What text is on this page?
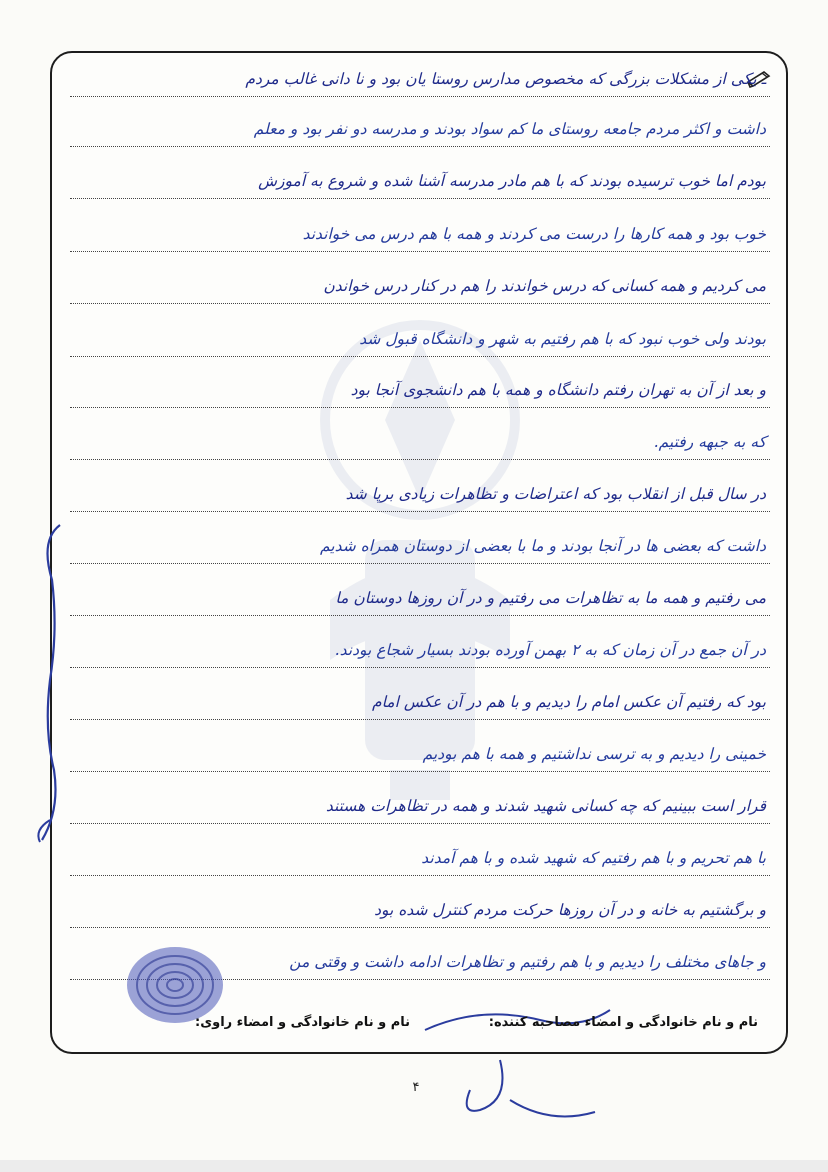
ـ یکی از مشکلات بزرگی که مخصوص مدارس روستا یان بود و نا دانی غالب مردم
داشت و اکثر مردم جامعه روستای ما کم سواد بودند و مدرسه دو نفر بود و معلم
بودم اما خوب ترسیده بودند که با هم مادر مدرسه آشنا شده و شروع به آموزش
خوب بود و همه کارها را درست می کردند و همه با هم درس می خواندند
می کردیم و همه کسانی که درس خواندند را هم در کنار درس خواندن
بودند ولی خوب نبود که با هم رفتیم به شهر و دانشگاه قبول شد
و بعد از آن به تهران رفتم دانشگاه و همه با هم دانشجوی آنجا بود
که به جبهه رفتیم.
در سال قبل از انقلاب بود که اعتراضات و تظاهرات زیادی برپا شد
داشت که بعضی ها در آنجا بودند و ما با بعضی از دوستان همراه شدیم
می رفتیم و همه ما به تظاهرات می رفتیم و در آن روزها دوستان ما
در آن جمع در آن زمان که به ۲ بهمن آورده بودند بسیار شجاع بودند.
بود که رفتیم آن عکس امام را دیدیم و با هم در آن عکس امام
خمینی را دیدیم و به ترسی نداشتیم و همه با هم بودیم
قرار است ببینیم که چه کسانی شهید شدند و همه در تظاهرات هستند
با هم تحریم و با هم رفتیم که شهید شده و با هم آمدند
و برگشتیم به خانه و در آن روزها حرکت مردم کنترل شده بود
و جاهای مختلف را دیدیم و با هم رفتیم و تظاهرات ادامه داشت و وقتی من
نام و نام خانوادگی و امضاء مصاحبه کننده:
نام و نام خانوادگی و امضاء راوی:
۴
